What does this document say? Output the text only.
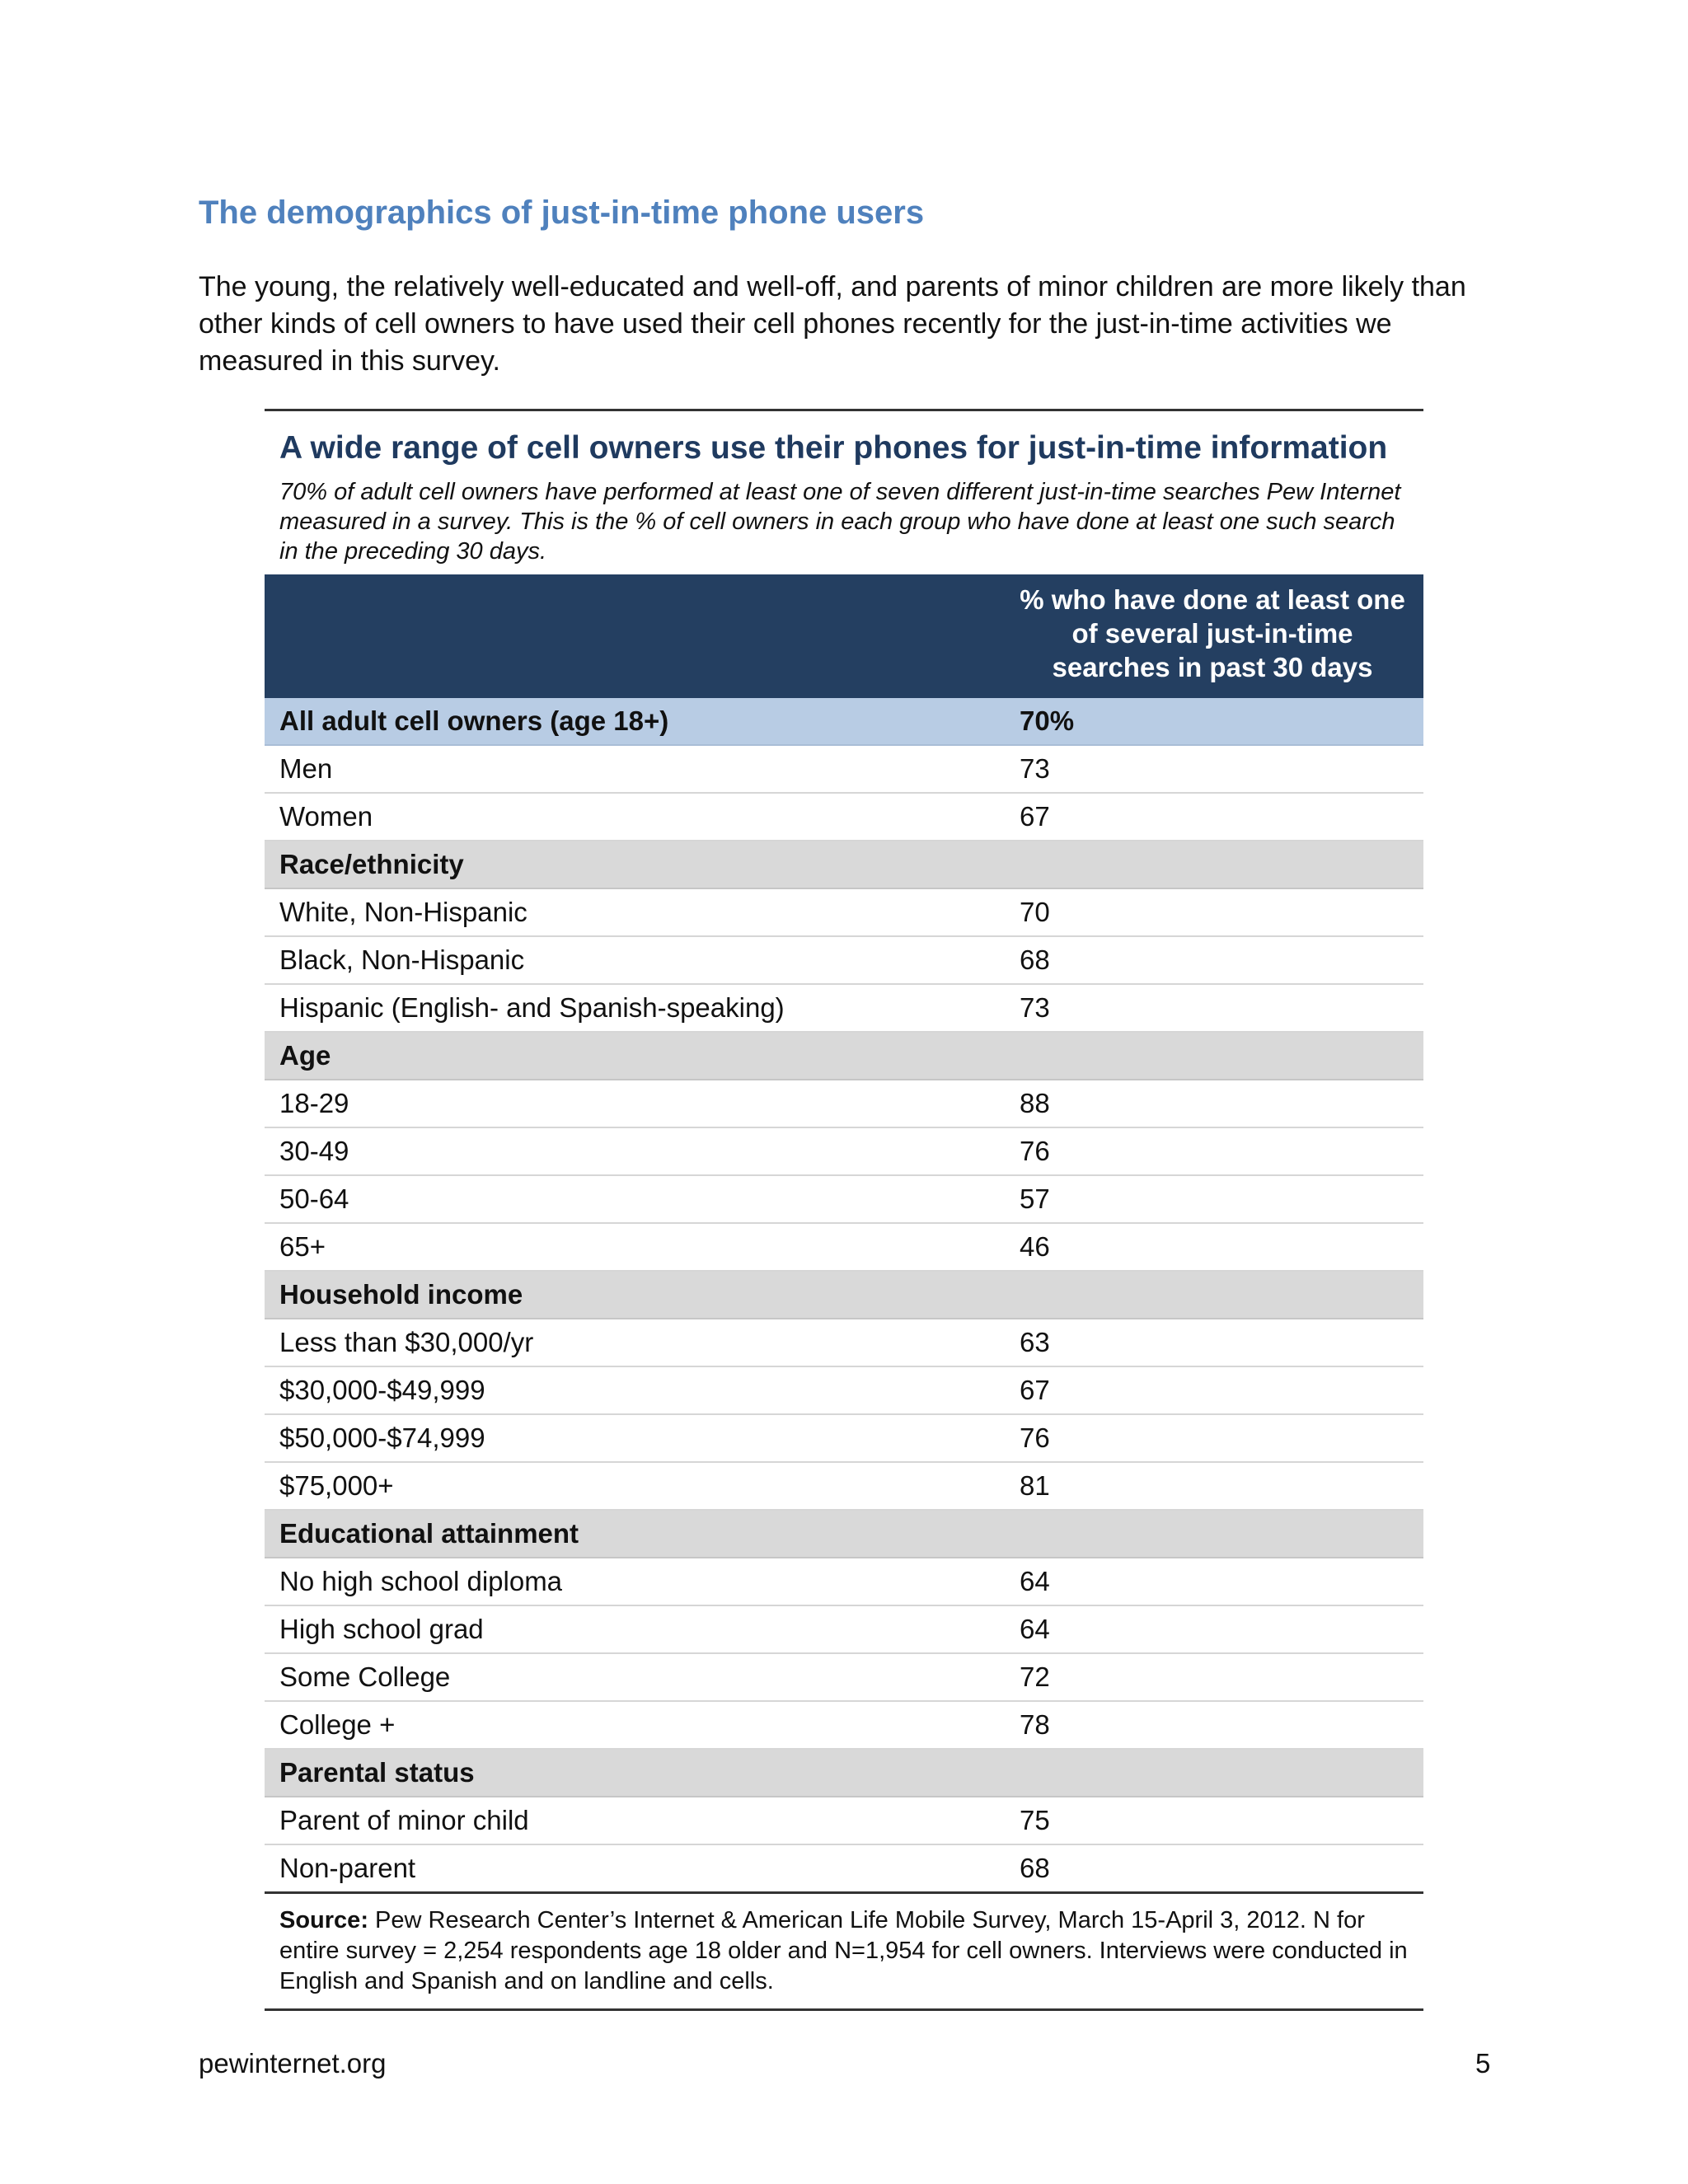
The demographics of just-in-time phone users
The young, the relatively well-educated and well-off, and parents of minor children are more likely than other kinds of cell owners to have used their cell phones recently for the just-in-time activities we measured in this survey.
A wide range of cell owners use their phones for just-in-time information
70% of adult cell owners have performed at least one of seven different just-in-time searches Pew Internet measured in a survey. This is the % of cell owners in each group who have done at least one such search in the preceding 30 days.
% who have done at least one of several just-in-time searches in past 30 days
All adult cell owners (age 18+)	70%
Men	73
Women	67
Race/ethnicity
White, Non-Hispanic	70
Black, Non-Hispanic	68
Hispanic (English- and Spanish-speaking)	73
Age
18-29	88
30-49	76
50-64	57
65+	46
Household income
Less than $30,000/yr	63
$30,000-$49,999	67
$50,000-$74,999	76
$75,000+	81
Educational attainment
No high school diploma	64
High school grad	64
Some College	72
College +	78
Parental status
Parent of minor child	75
Non-parent	68
Source: Pew Research Center’s Internet & American Life Mobile Survey, March 15-April 3, 2012. N for entire survey = 2,254 respondents age 18 older and N=1,954 for cell owners. Interviews were conducted in English and Spanish and on landline and cells.
pewinternet.org	5
